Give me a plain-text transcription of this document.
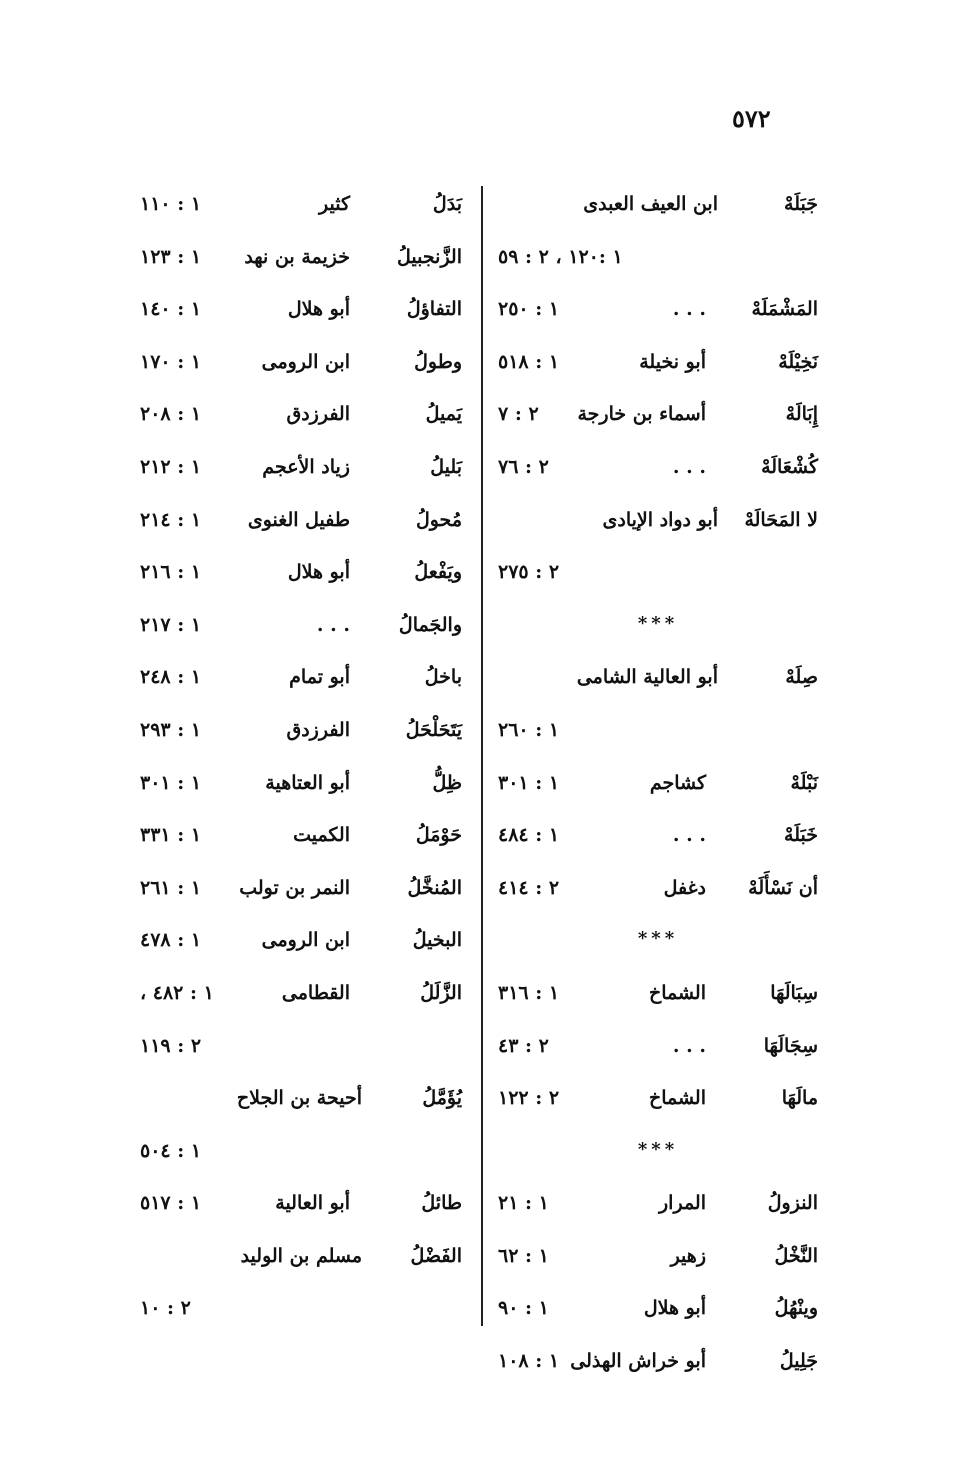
٥٧٢
جَبَلَهْ
ابن العيف العبدى
١ :١٢٠ ، ٢ : ٥٩
المَشْمَلَهْ
. . .
١ : ٢٥٠
نَخِيْلَهْ
أبو نخيلة
١ : ٥١٨
إِبَالَهْ
أسماء بن خارجة
٢ : ٧
كُشْعَالَهْ
. . .
٢ : ٧٦
لا المَحَالَهْ
أبو دواد الإيادى
٢ : ٢٧٥
***
صِلَهْ
أبو العالية الشامى
١ : ٢٦٠
نَبْلَهْ
كشاجم
١ : ٣٠١
خَبَلَهْ
. . .
١ : ٤٨٤
أن نَسْأَلَهْ
دغفل
٢ : ٤١٤
***
سِبَالَهَا
الشماخ
١ : ٣١٦
سِجَالَهَا
. . .
٢ : ٤٣
مالَهَا
الشماخ
٢ : ١٢٢
***
النزولُ
المرار
١ : ٢١
النَّخْلُ
زهير
١ : ٦٢
وينْهُلُ
أبو هلال
١ : ٩٠
جَلِيلُ
أبو خراش الهذلى
١ : ١٠٨
بَدَلُ
كثير
١ : ١١٠
الزَّنجبيلُ
خزيمة بن نهد
١ : ١٢٣
التفاؤلُ
أبو هلال
١ : ١٤٠
وطولُ
ابن الرومى
١ : ١٧٠
يَميلُ
الفرزدق
١ : ٢٠٨
بَليلُ
زياد الأعجم
١ : ٢١٢
مُحولُ
طفيل الغنوى
١ : ٢١٤
ويَفْعلُ
أبو هلال
١ : ٢١٦
والجَمالُ
. . .
١ : ٢١٧
باخلُ
أبو تمام
١ : ٢٤٨
يَتَحَلْحَلُ
الفرزدق
١ : ٢٩٣
ظِلُّ
أبو العتاهية
١ : ٣٠١
حَوْمَلُ
الكميت
١ : ٣٣١
المُنخَّلُ
النمر بن تولب
١ : ٢٦١
البخيلُ
ابن الرومى
١ : ٤٧٨
الزَّلَلُ
القطامى
١ : ٤٨٢ ،
٢ : ١١٩
يُؤَمَّلُ
أحيحة بن الجلاح
١ : ٥٠٤
طائلُ
أبو العالية
١ : ٥١٧
الفَضْلُ
مسلم بن الوليد
٢ : ١٠
